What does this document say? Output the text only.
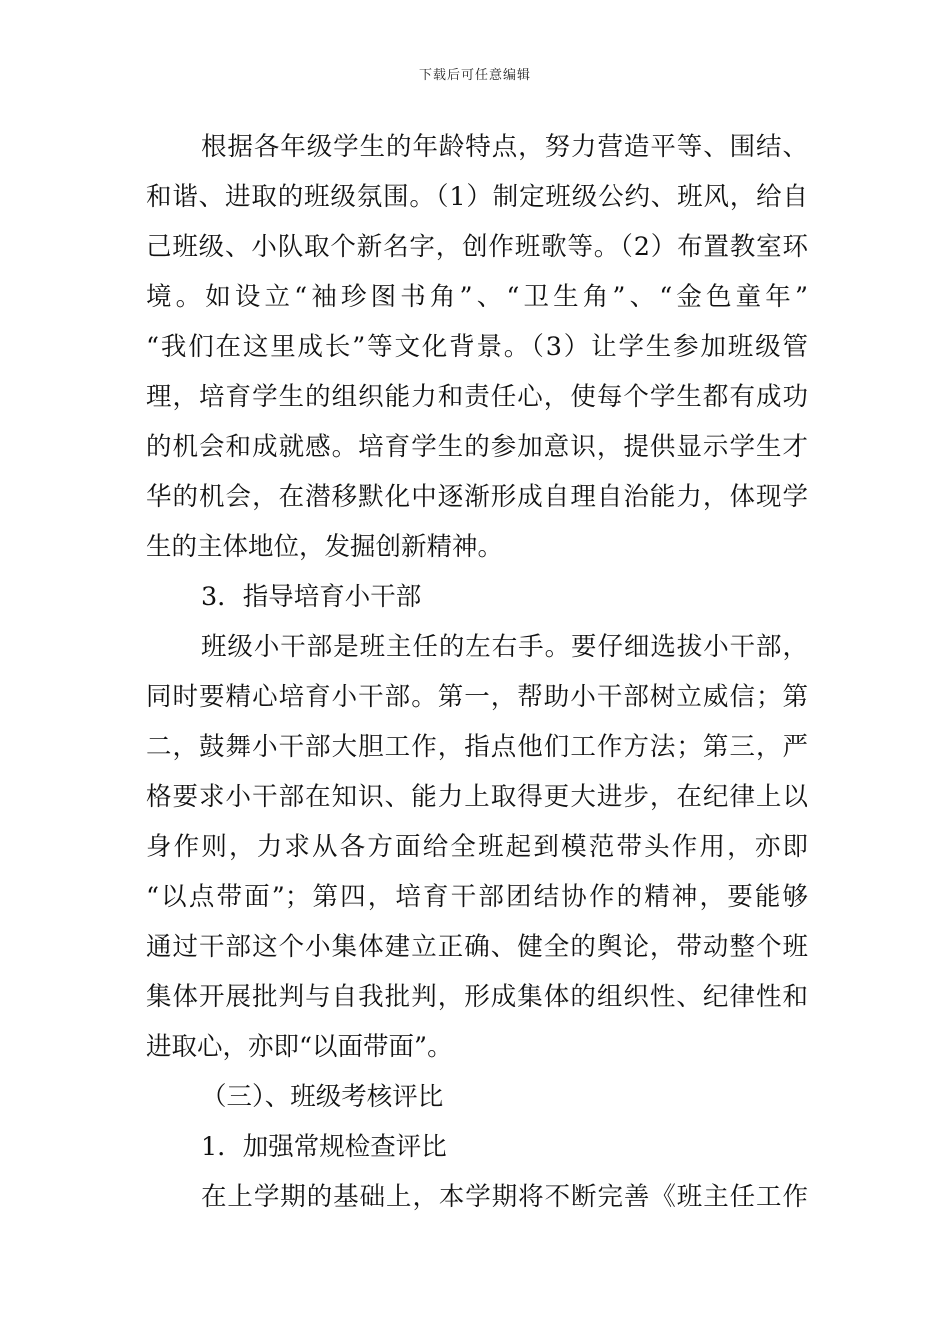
下载后可任意编辑
根据各年级学生的年龄特点，努力营造平等、围结、
和谐、进取的班级氛围。（1）制定班级公约、班风，给自
己班级、小队取个新名字，创作班歌等。（2）布置教室环
境。如设立“袖珍图书角”、“卫生角”、“金色童年”
“我们在这里成长”等文化背景。（3）让学生参加班级管
理，培育学生的组织能力和责任心，使每个学生都有成功
的机会和成就感。培育学生的参加意识，提供显示学生才
华的机会，在潜移默化中逐渐形成自理自治能力，体现学
生的主体地位，发掘创新精神。
3．指导培育小干部
班级小干部是班主任的左右手。要仔细选拔小干部，
同时要精心培育小干部。第一，帮助小干部树立威信；第
二，鼓舞小干部大胆工作，指点他们工作方法；第三，严
格要求小干部在知识、能力上取得更大进步，在纪律上以
身作则，力求从各方面给全班起到模范带头作用，亦即
“以点带面”；第四，培育干部团结协作的精神，要能够
通过干部这个小集体建立正确、健全的舆论，带动整个班
集体开展批判与自我批判，形成集体的组织性、纪律性和
进取心，亦即“以面带面”。
（三）、班级考核评比
1．加强常规检查评比
在上学期的基础上，本学期将不断完善《班主任工作
